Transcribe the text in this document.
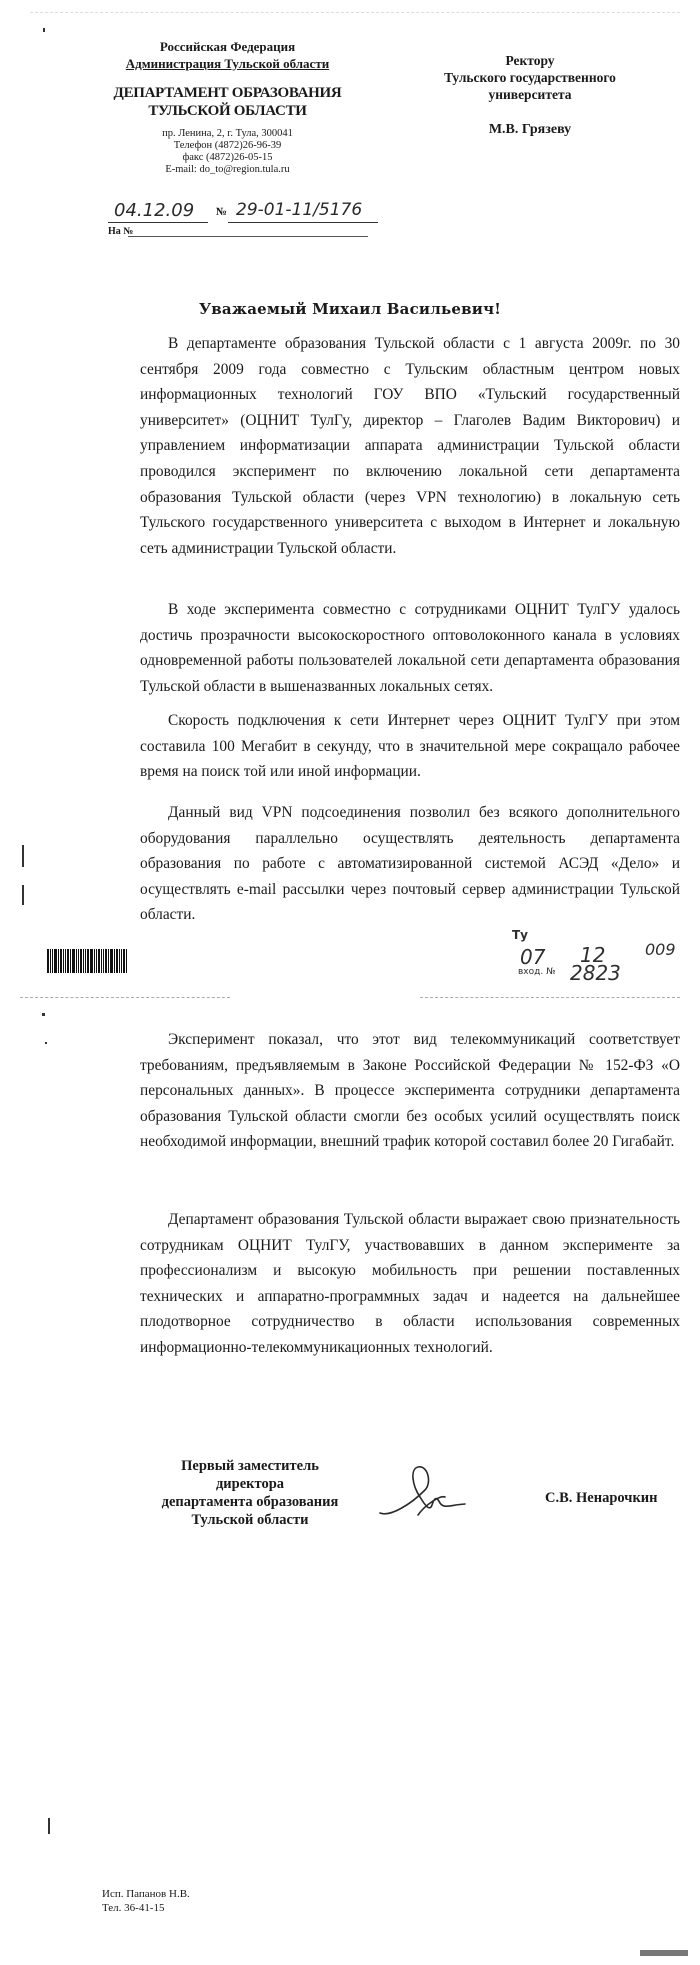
Российская Федерация
Администрация Тульской области
ДЕПАРТАМЕНТ ОБРАЗОВАНИЯ
ТУЛЬСКОЙ ОБЛАСТИ
пр. Ленина, 2, г. Тула, 300041
Телефон (4872)26-96-39
факс (4872)26-05-15
E-mail: do_to@region.tula.ru
04.12.09 № 29-01-11/5176
На №
Ректору
Тульского государственного
университета
М.В. Грязеву
Уважаемый Михаил Васильевич!
В департаменте образования Тульской области с 1 августа 2009г. по 30 сентября 2009 года совместно с Тульским областным центром новых информационных технологий ГОУ ВПО «Тульский государственный университет» (ОЦНИТ ТулГу, директор – Глаголев Вадим Викторович) и управлением информатизации аппарата администрации Тульской области проводился эксперимент по включению локальной сети департамента образования Тульской области (через VPN технологию) в локальную сеть Тульского государственного университета с выходом в Интернет и локальную сеть администрации Тульской области.
В ходе эксперимента совместно с сотрудниками ОЦНИТ ТулГУ удалось достичь прозрачности высокоскоростного оптоволоконного канала в условиях одновременной работы пользователей локальной сети департамента образования Тульской области в вышеназванных локальных сетях.
Скорость подключения к сети Интернет через ОЦНИТ ТулГУ при этом составила 100 Мегабит в секунду, что в значительной мере сокращало рабочее время на поиск той или иной информации.
Данный вид VPN подсоединения позволил без всякого дополнительного оборудования параллельно осуществлять деятельность департамента образования по работе с автоматизированной системой АСЭД «Дело» и осуществлять e-mail рассылки через почтовый сервер администрации Тульской области.
Ту
07 12 009
вход. № 2823
Эксперимент показал, что этот вид телекоммуникаций соответствует требованиям, предъявляемым в Законе Российской Федерации № 152-ФЗ «О персональных данных». В процессе эксперимента сотрудники департамента образования Тульской области смогли без особых усилий осуществлять поиск необходимой информации, внешний трафик которой составил более 20 Гигабайт.
Департамент образования Тульской области выражает свою признательность сотрудникам ОЦНИТ ТулГУ, участвовавших в данном эксперименте за профессионализм и высокую мобильность при решении поставленных технических и аппаратно-программных задач и надеется на дальнейшее плодотворное сотрудничество в области использования современных информационно-телекоммуникационных технологий.
Первый заместитель
директора
департамента образования
Тульской области
С.В. Ненарочкин
Исп. Папанов Н.В.
Тел. 36-41-15
